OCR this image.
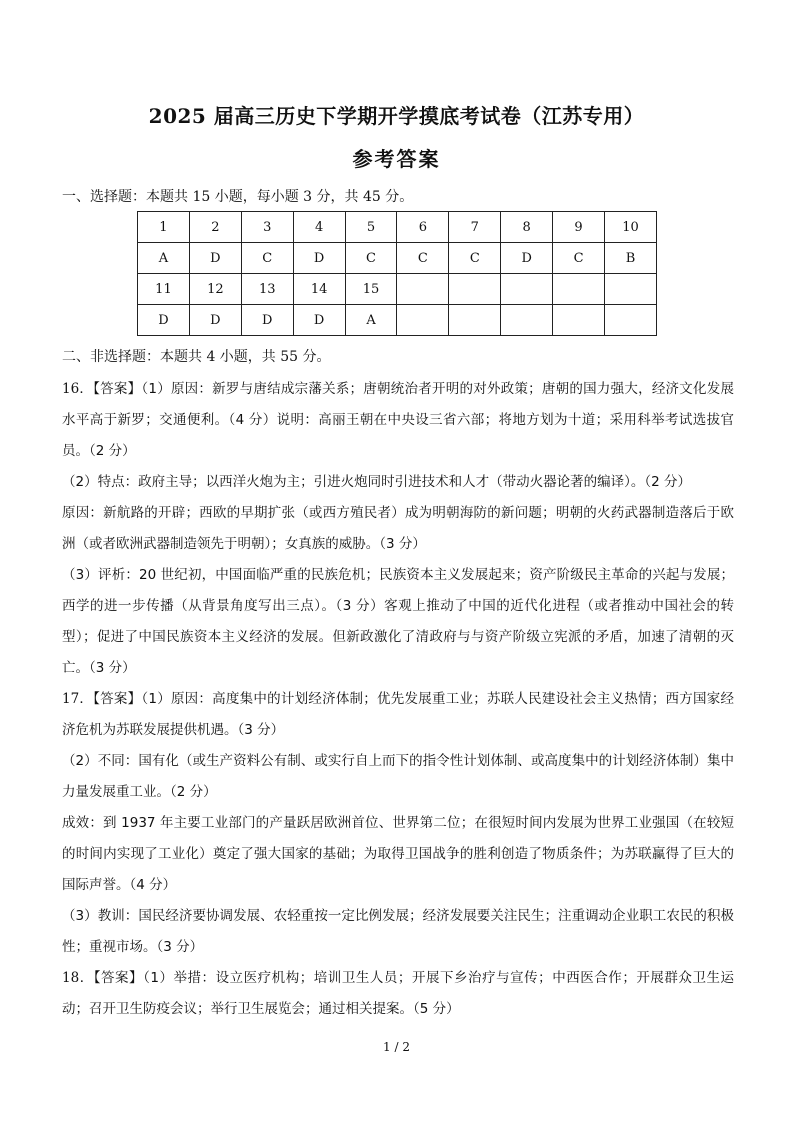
2025 届高三历史下学期开学摸底考试卷（江苏专用）
参考答案
一、选择题：本题共 15 小题，每小题 3 分，共 45 分。
1	2	3	4	5	6	7	8	9	10
A	D	C	D	C	C	C	D	C	B
11	12	13	14	15					
D	D	D	D	A					
二、非选择题：本题共 4 小题，共 55 分。

16．【答案】（1）原因：新罗与唐结成宗藩关系；唐朝统治者开明的对外政策；唐朝的国力强大，经济文化发展水平高于新罗；交通便利。（4 分）说明：高丽王朝在中央设三省六部；将地方划为十道；采用科举考试选拔官员。（2 分）

（2）特点：政府主导；以西洋火炮为主；引进火炮同时引进技术和人才（带动火器论著的编译）。（2 分）

原因：新航路的开辟；西欧的早期扩张（或西方殖民者）成为明朝海防的新问题；明朝的火药武器制造落后于欧洲（或者欧洲武器制造领先于明朝）；女真族的威胁。（3 分）

（3）评析：20 世纪初，中国面临严重的民族危机；民族资本主义发展起来；资产阶级民主革命的兴起与发展；西学的进一步传播（从背景角度写出三点）。（3 分）客观上推动了中国的近代化进程（或者推动中国社会的转型）；促进了中国民族资本主义经济的发展。但新政激化了清政府与与资产阶级立宪派的矛盾，加速了清朝的灭亡。（3 分）

17．【答案】（1）原因：高度集中的计划经济体制；优先发展重工业；苏联人民建设社会主义热情；西方国家经济危机为苏联发展提供机遇。（3 分）

（2）不同：国有化（或生产资料公有制、或实行自上而下的指令性计划体制、或高度集中的计划经济体制）集中力量发展重工业。（2 分）

成效：到 1937 年主要工业部门的产量跃居欧洲首位、世界第二位；在很短时间内发展为世界工业强国（在较短的时间内实现了工业化）奠定了强大国家的基础；为取得卫国战争的胜利创造了物质条件；为苏联赢得了巨大的国际声誉。（4 分）

（3）教训：国民经济要协调发展、农轻重按一定比例发展；经济发展要关注民生；注重调动企业职工农民的积极性；重视市场。（3 分）

18．【答案】（1）举措：设立医疗机构；培训卫生人员；开展下乡治疗与宣传；中西医合作；开展群众卫生运动；召开卫生防疫会议；举行卫生展览会；通过相关提案。（5 分）

1 / 2
